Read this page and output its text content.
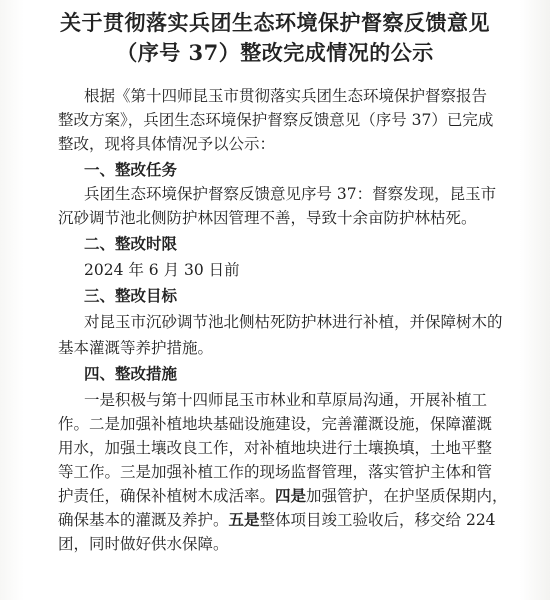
关于贯彻落实兵团生态环境保护督察反馈意见
（序号 37）整改完成情况的公示
根据《第十四师昆玉市贯彻落实兵团生态环境保护督察报告
整改方案》，兵团生态环境保护督察反馈意见（序号 37）已完成
整改，现将具体情况予以公示：
一、整改任务
兵团生态环境保护督察反馈意见序号 37：督察发现，昆玉市
沉砂调节池北侧防护林因管理不善，导致十余亩防护林枯死。
二、整改时限
2024 年 6 月 30 日前
三、整改目标
对昆玉市沉砂调节池北侧枯死防护林进行补植，并保障树木的
基本灌溉等养护措施。
四、整改措施
一是积极与第十四师昆玉市林业和草原局沟通，开展补植工
作。二是加强补植地块基础设施建设，完善灌溉设施，保障灌溉
用水，加强土壤改良工作，对补植地块进行土壤换填，土地平整
等工作。三是加强补植工作的现场监督管理，落实管护主体和管
护责任，确保补植树木成活率。四是加强管护，在护坚质保期内，
确保基本的灌溉及养护。五是整体项目竣工验收后，移交给 224
团，同时做好供水保障。
